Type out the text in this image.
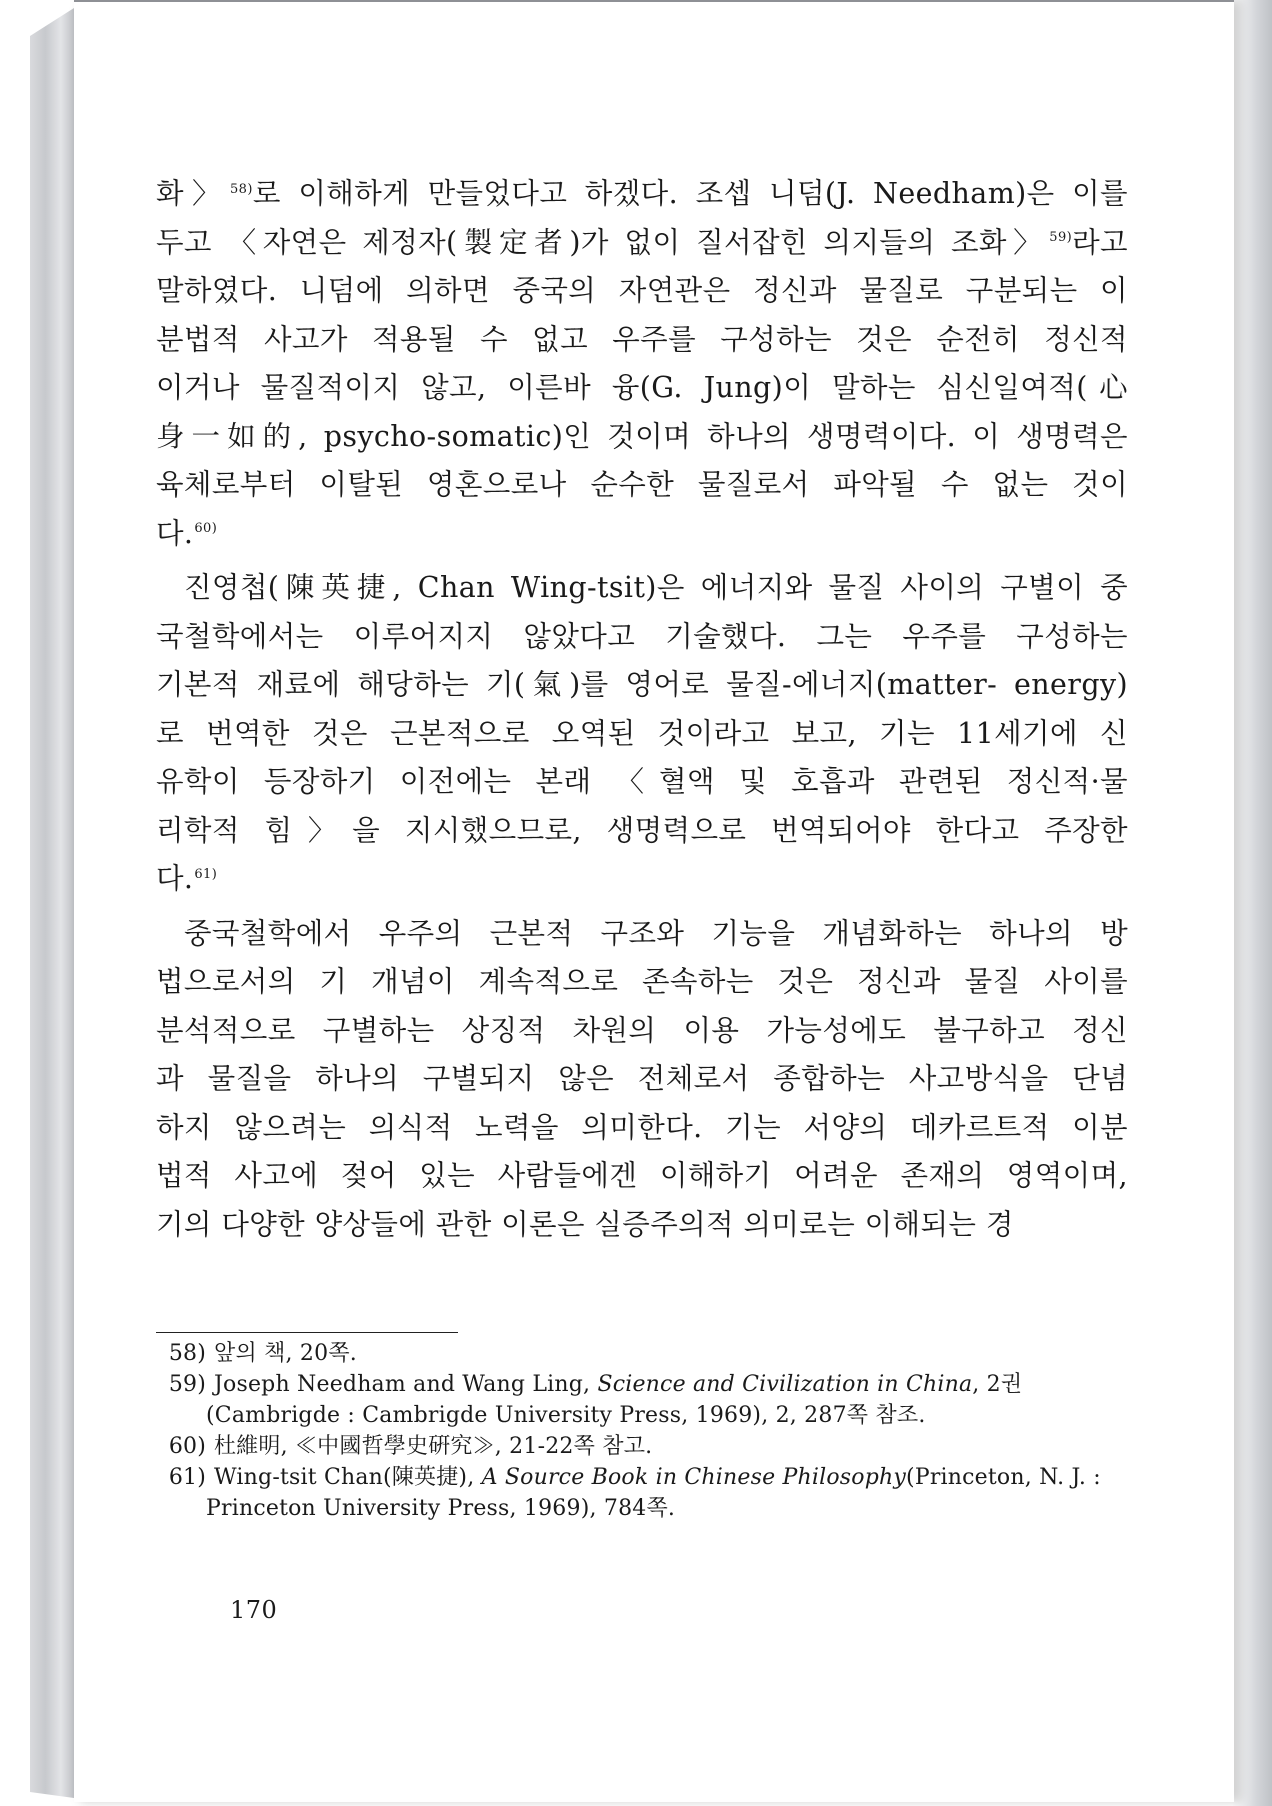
화〉$^{58)}$로 이해하게 만들었다고 하겠다. 조셉 니덤(J. Needham)은 이를
두고 〈자연은 제정자(製定者)가 없이 질서잡힌 의지들의 조화〉$^{59)}$라고
말하였다. 니덤에 의하면 중국의 자연관은 정신과 물질로 구분되는 이
분법적 사고가 적용될 수 없고 우주를 구성하는 것은 순전히 정신적
이거나 물질적이지 않고, 이른바 융(G. Jung)이 말하는 심신일여적(心
身一如的, psycho-somatic)인 것이며 하나의 생명력이다. 이 생명력은
육체로부터 이탈된 영혼으로나 순수한 물질로서 파악될 수 없는 것이
다.$^{60)}$
진영첩(陳英捷, Chan Wing-tsit)은 에너지와 물질 사이의 구별이 중
국철학에서는 이루어지지 않았다고 기술했다. 그는 우주를 구성하는
기본적 재료에 해당하는 기(氣)를 영어로 물질-에너지(matter- energy)
로 번역한 것은 근본적으로 오역된 것이라고 보고, 기는 11세기에 신
유학이 등장하기 이전에는 본래 〈혈액 및 호흡과 관련된 정신적·물
리학적 힘〉을 지시했으므로, 생명력으로 번역되어야 한다고 주장한
다.$^{61)}$
중국철학에서 우주의 근본적 구조와 기능을 개념화하는 하나의 방
법으로서의 기 개념이 계속적으로 존속하는 것은 정신과 물질 사이를
분석적으로 구별하는 상징적 차원의 이용 가능성에도 불구하고 정신
과 물질을 하나의 구별되지 않은 전체로서 종합하는 사고방식을 단념
하지 않으려는 의식적 노력을 의미한다. 기는 서양의 데카르트적 이분
법적 사고에 젖어 있는 사람들에겐 이해하기 어려운 존재의 영역이며,
기의 다양한 양상들에 관한 이론은 실증주의적 의미로는 이해되는 경
58) 앞의 책, 20쪽.
59) Joseph Needham and Wang Ling, Science and Civilization in China, 2권
(Cambrigde : Cambrigde University Press, 1969), 2, 287쪽 참조.
60) 杜維明, ≪中國哲學史硏究≫, 21-22쪽 참고.
61) Wing-tsit Chan(陳英捷), A Source Book in Chinese Philosophy(Princeton, N. J. :
Princeton University Press, 1969), 784쪽.
170
